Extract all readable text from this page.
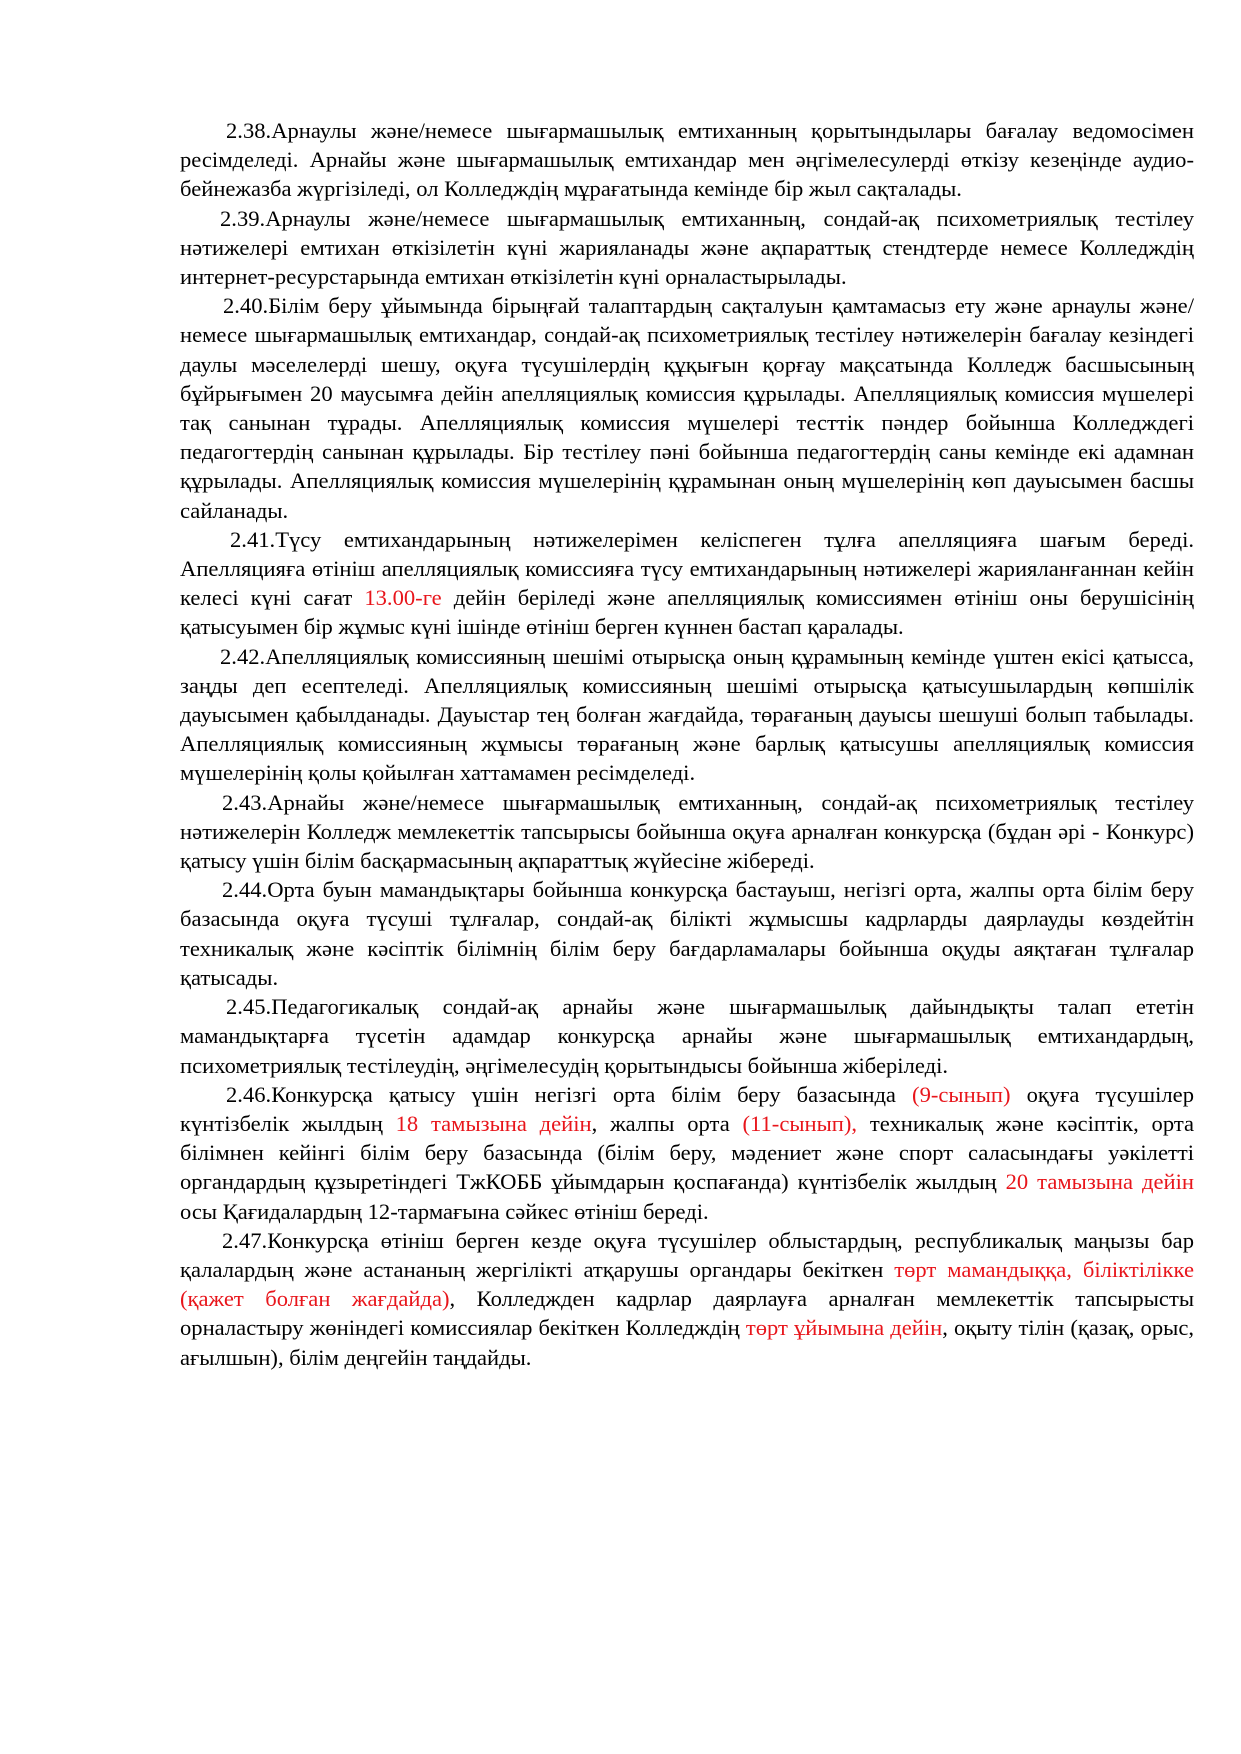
2.38.Арнаулы және/немесе шығармашылық емтиханның қорытындылары бағалау ведомосімен ресімделеді. Арнайы және шығармашылық емтихандар мен әңгімелесулерді өткізу кезеңінде аудио-бейнежазба жүргізіледі, ол Колледждің мұрағатында кемінде бір жыл сақталады.

2.39.Арнаулы және/немесе шығармашылық емтиханның, сондай-ақ психометриялық тестілеу нәтижелері емтихан өткізілетін күні жарияланады және ақпараттық стендтерде немесе Колледждің интернет-ресурстарында емтихан өткізілетін күні орналастырылады.

2.40.Білім беру ұйымында бірыңғай талаптардың сақталуын қамтамасыз ету және арнаулы және/немесе шығармашылық емтихандар, сондай-ақ психометриялық тестілеу нәтижелерін бағалау кезіндегі даулы мәселелерді шешу, оқуға түсушілердің құқығын қорғау мақсатында Колледж басшысының бұйрығымен 20 маусымға дейін апелляциялық комиссия құрылады. Апелляциялық комиссия мүшелері тақ санынан тұрады. Апелляциялық комиссия мүшелері тесттік пәндер бойынша Колледждегі педагогтердің санынан құрылады. Бір тестілеу пәні бойынша педагогтердің саны кемінде екі адамнан құрылады. Апелляциялық комиссия мүшелерінің құрамынан оның мүшелерінің көп дауысымен басшы сайланады.

2.41.Түсу емтихандарының нәтижелерімен келіспеген тұлға апелляцияға шағым береді. Апелляцияға өтініш апелляциялық комиссияға түсу емтихандарының нәтижелері жарияланғаннан кейін келесі күні сағат 13.00-ге дейін беріледі және апелляциялық комиссиямен өтініш оны берушісінің қатысуымен бір жұмыс күні ішінде өтініш берген күннен бастап қаралады.

2.42.Апелляциялық комиссияның шешімі отырысқа оның құрамының кемінде үштен екісі қатысса, заңды деп есептеледі. Апелляциялық комиссияның шешімі отырысқа қатысушылардың көпшілік дауысымен қабылданады. Дауыстар тең болған жағдайда, төрағаның дауысы шешуші болып табылады. Апелляциялық комиссияның жұмысы төрағаның және барлық қатысушы апелляциялық комиссия мүшелерінің қолы қойылған хаттамамен ресімделеді.

2.43.Арнайы және/немесе шығармашылық емтиханның, сондай-ақ психометриялық тестілеу нәтижелерін Колледж мемлекеттік тапсырысы бойынша оқуға арналған конкурсқа (бұдан әрі - Конкурс) қатысу үшін білім басқармасының ақпараттық жүйесіне жібереді.

2.44.Орта буын мамандықтары бойынша конкурсқа бастауыш, негізгі орта, жалпы орта білім беру базасында оқуға түсуші тұлғалар, сондай-ақ білікті жұмысшы кадрларды даярлауды көздейтін техникалық және кәсіптік білімнің білім беру бағдарламалары бойынша оқуды аяқтаған тұлғалар қатысады.

2.45.Педагогикалық сондай-ақ арнайы және шығармашылық дайындықты талап ететін мамандықтарға түсетін адамдар конкурсқа арнайы және шығармашылық емтихандардың, психометриялық тестілеудің, әңгімелесудің қорытындысы бойынша жіберіледі.

2.46.Конкурсқа қатысу үшін негізгі орта білім беру базасында (9-сынып) оқуға түсушілер күнтізбелік жылдың 18 тамызына дейін, жалпы орта (11-сынып), техникалық және кәсіптік, орта білімнен кейінгі білім беру базасында (білім беру, мәдениет және спорт саласындағы уәкілетті органдардың құзыретіндегі ТжКОББ ұйымдарын қоспағанда) күнтізбелік жылдың 20 тамызына дейін осы Қағидалардың 12-тармағына сәйкес өтініш береді.

2.47.Конкурсқа өтініш берген кезде оқуға түсушілер облыстардың, республикалық маңызы бар қалалардың және астананың жергілікті атқарушы органдары бекіткен төрт мамандыққа, біліктілікке (қажет болған жағдайда), Колледжден кадрлар даярлауға арналған мемлекеттік тапсырысты орналастыру жөніндегі комиссиялар бекіткен Колледждің төрт ұйымына дейін, оқыту тілін (қазақ, орыс, ағылшын), білім деңгейін таңдайды.
